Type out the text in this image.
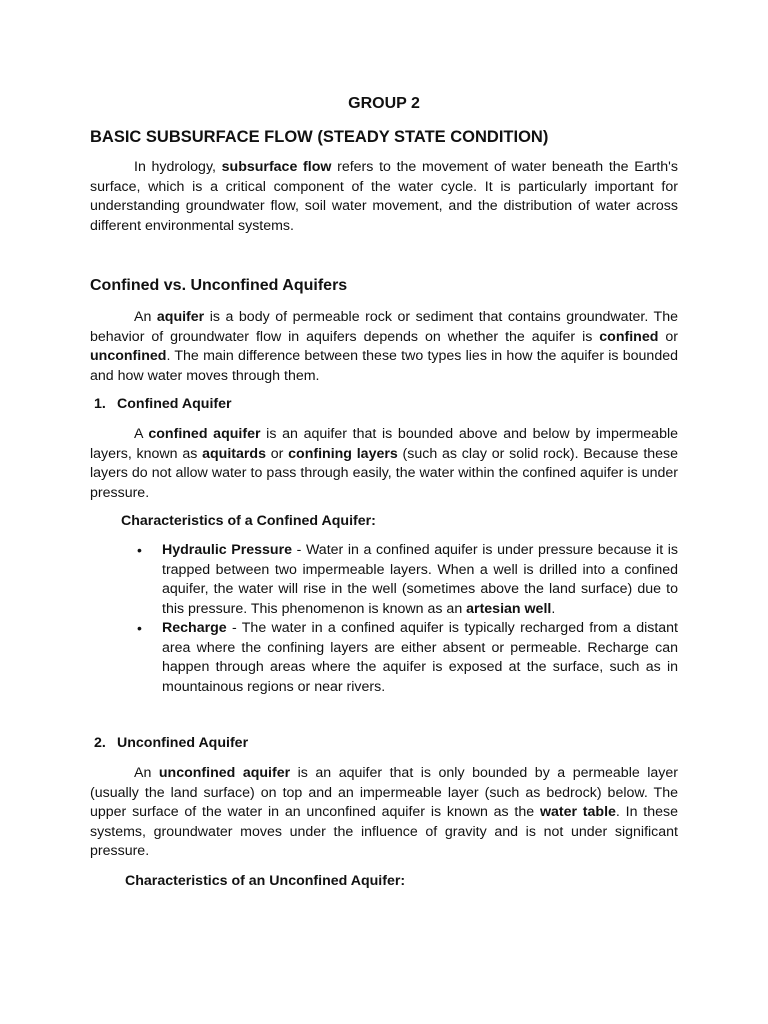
GROUP 2
BASIC SUBSURFACE FLOW (STEADY STATE CONDITION)

In hydrology, subsurface flow refers to the movement of water beneath the Earth's surface, which is a critical component of the water cycle. It is particularly important for understanding groundwater flow, soil water movement, and the distribution of water across different environmental systems.

Confined vs. Unconfined Aquifers

An aquifer is a body of permeable rock or sediment that contains groundwater. The behavior of groundwater flow in aquifers depends on whether the aquifer is confined or unconfined. The main difference between these two types lies in how the aquifer is bounded and how water moves through them.

1. Confined Aquifer

A confined aquifer is an aquifer that is bounded above and below by impermeable layers, known as aquitards or confining layers (such as clay or solid rock). Because these layers do not allow water to pass through easily, the water within the confined aquifer is under pressure.

Characteristics of a Confined Aquifer:
• Hydraulic Pressure - Water in a confined aquifer is under pressure because it is trapped between two impermeable layers. When a well is drilled into a confined aquifer, the water will rise in the well (sometimes above the land surface) due to this pressure. This phenomenon is known as an artesian well.
• Recharge - The water in a confined aquifer is typically recharged from a distant area where the confining layers are either absent or permeable. Recharge can happen through areas where the aquifer is exposed at the surface, such as in mountainous regions or near rivers.
2. Unconfined Aquifer

An unconfined aquifer is an aquifer that is only bounded by a permeable layer (usually the land surface) on top and an impermeable layer (such as bedrock) below. The upper surface of the water in an unconfined aquifer is known as the water table. In these systems, groundwater moves under the influence of gravity and is not under significant pressure.

Characteristics of an Unconfined Aquifer:
